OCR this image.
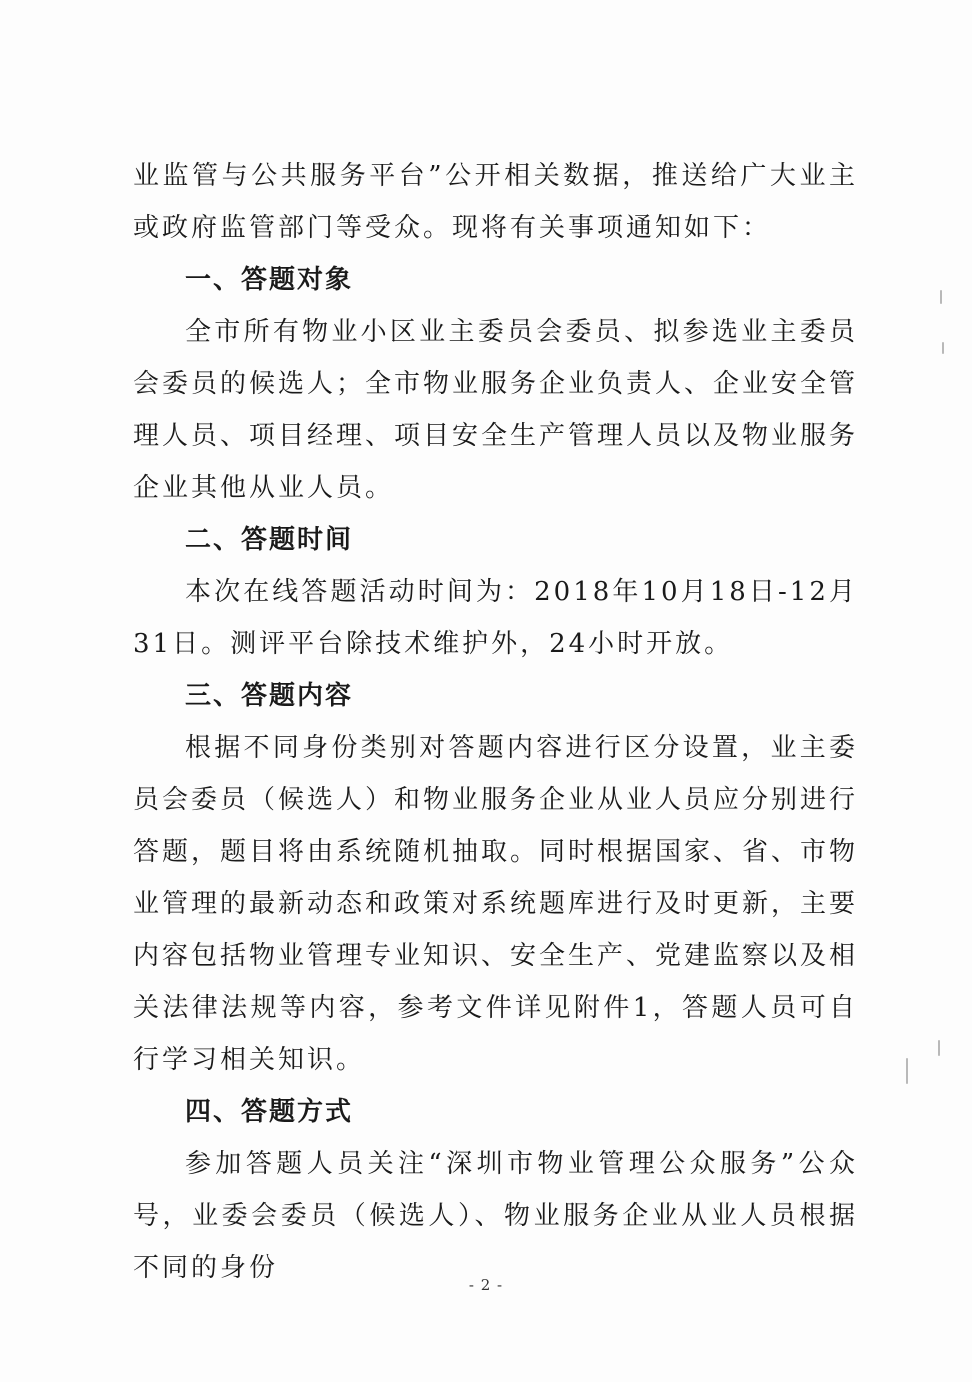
业监管与公共服务平台”公开相关数据，推送给广大业主或政府监管部门等受众。现将有关事项通知如下：

一、答题对象

全市所有物业小区业主委员会委员、拟参选业主委员会委员的候选人；全市物业服务企业负责人、企业安全管理人员、项目经理、项目安全生产管理人员以及物业服务企业其他从业人员。

二、答题时间

本次在线答题活动时间为：2018年10月18日-12月31日。测评平台除技术维护外，24小时开放。

三、答题内容

根据不同身份类别对答题内容进行区分设置，业主委员会委员（候选人）和物业服务企业从业人员应分别进行答题，题目将由系统随机抽取。同时根据国家、省、市物业管理的最新动态和政策对系统题库进行及时更新，主要内容包括物业管理专业知识、安全生产、党建监察以及相关法律法规等内容，参考文件详见附件1，答题人员可自行学习相关知识。

四、答题方式

参加答题人员关注“深圳市物业管理公众服务”公众号，业委会委员（候选人）、物业服务企业从业人员根据不同的身份

- 2 -
